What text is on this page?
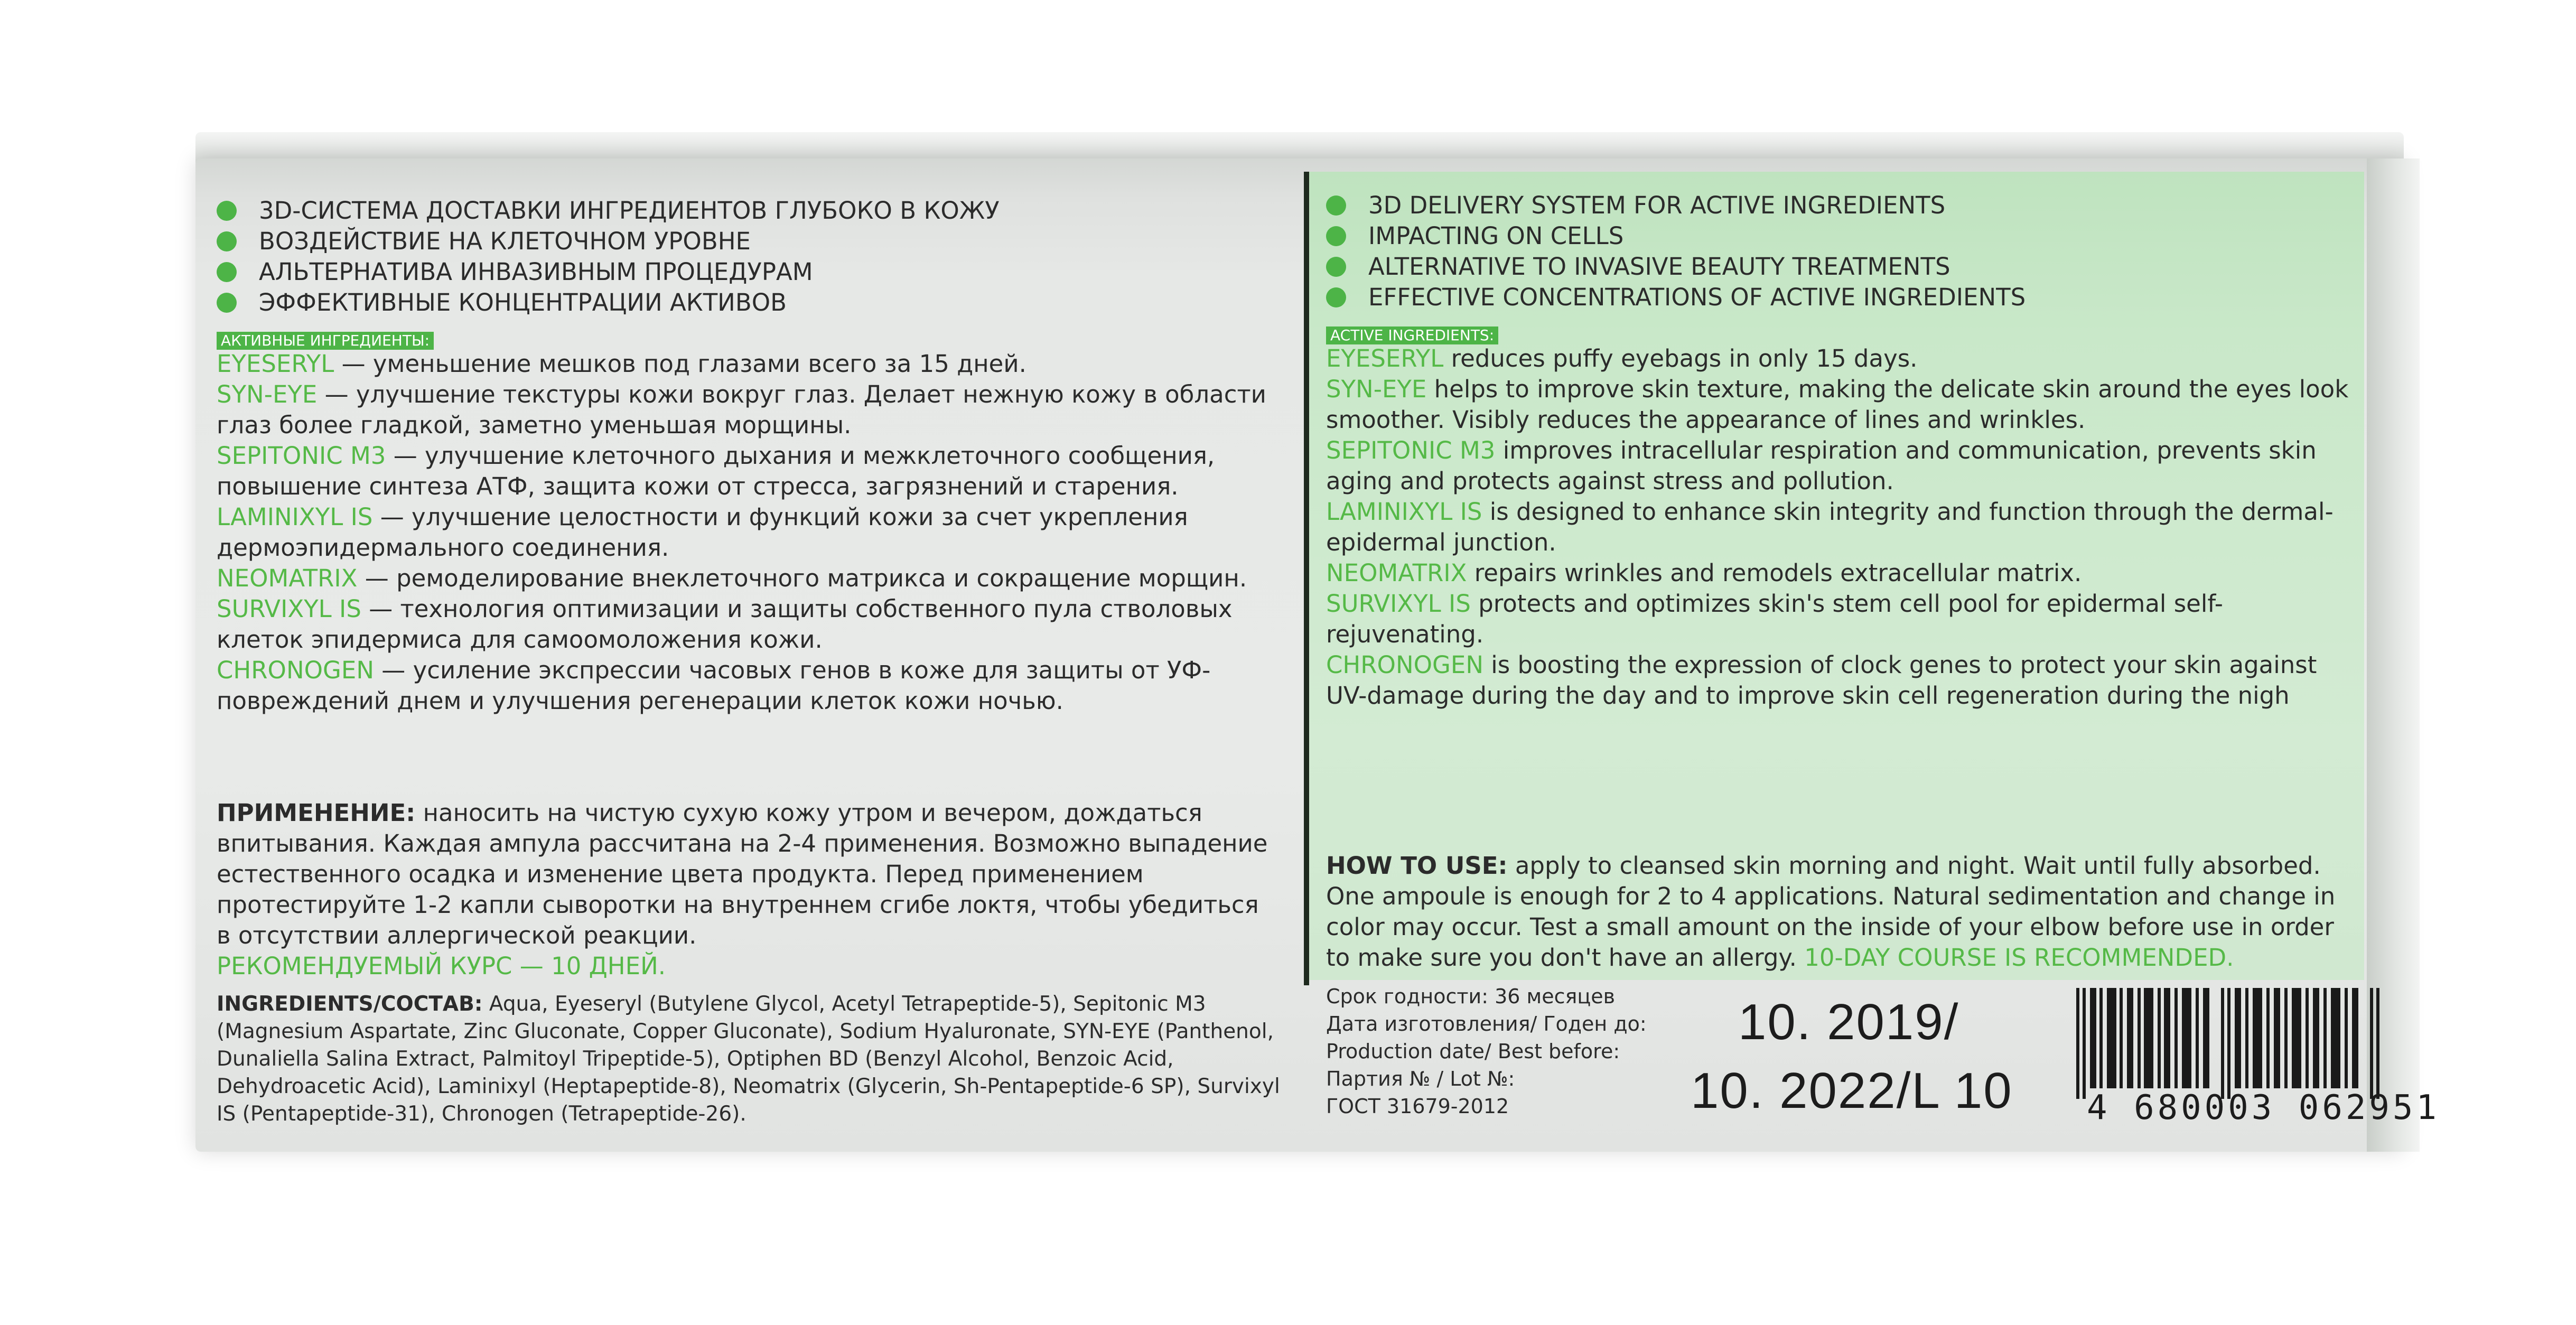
3D-СИСТЕМА ДОСТАВКИ ИНГРЕДИЕНТОВ ГЛУБОКО В КОЖУ

ВОЗДЕЙСТВИЕ НА КЛЕТОЧНОМ УРОВНЕ

АЛЬТЕРНАТИВА ИНВАЗИВНЫМ ПРОЦЕДУРАМ

ЭФФЕКТИВНЫЕ КОНЦЕНТРАЦИИ АКТИВОВ

АКТИВНЫЕ ИНГРЕДИЕНТЫ:

EYESERYL — уменьшение мешков под глазами всего за 15 дней.

SYN-EYE — улучшение текстуры кожи вокруг глаз. Делает нежную кожу в области глаз более гладкой, заметно уменьшая морщины.

SEPITONIC M3 — улучшение клеточного дыхания и межклеточного сообщения, повышение синтеза АТФ, защита кожи от стресса, загрязнений и старения.

LAMINIXYL IS — улучшение целостности и функций кожи за счет укрепления дермоэпидермального соединения.

NEOMATRIX — ремоделирование внеклеточного матрикса и сокращение морщин.

SURVIXYL IS — технология оптимизации и защиты собственного пула стволовых клеток эпидермиса для самоомоложения кожи.

CHRONOGEN — усиление экспрессии часовых генов в коже для защиты от УФ-повреждений днем и улучшения регенерации клеток кожи ночью.

ПРИМЕНЕНИЕ: наносить на чистую сухую кожу утром и вечером, дождаться впитывания. Каждая ампула рассчитана на 2-4 применения. Возможно выпадение естественного осадка и изменение цвета продукта. Перед применением протестируйте 1-2 капли сыворотки на внутреннем сгибе локтя, чтобы убедиться в отсутствии аллергической реакции.
РЕКОМЕНДУЕМЫЙ КУРС — 10 ДНЕЙ.
INGREDIENTS/СОСТАВ: Aqua, Eyeseryl (Butylene Glycol, Acetyl Tetrapeptide-5), Sepitonic M3 (Magnesium Aspartate, Zinc Gluconate, Copper Gluconate), Sodium Hyaluronate, SYN-EYE (Panthenol, Dunaliella Salina Extract, Palmitoyl Tripeptide-5), Optiphen BD (Benzyl Alcohol, Benzoic Acid, Dehydroacetic Acid), Laminixyl (Heptapeptide-8), Neomatrix (Glycerin, Sh-Pentapeptide-6 SP), Survixyl IS (Pentapeptide-31), Chronogen (Tetrapeptide-26).

3D DELIVERY SYSTEM FOR ACTIVE INGREDIENTS

IMPACTING ON CELLS

ALTERNATIVE TO INVASIVE BEAUTY TREATMENTS

EFFECTIVE CONCENTRATIONS OF ACTIVE INGREDIENTS

ACTIVE INGREDIENTS:

EYESERYL reduces puffy eyebags in only 15 days.

SYN-EYE helps to improve skin texture, making the delicate skin around the eyes look smoother. Visibly reduces the appearance of lines and wrinkles.

SEPITONIC M3 improves intracellular respiration and communication, prevents skin aging and protects against stress and pollution.

LAMINIXYL IS is designed to enhance skin integrity and function through the dermal-epidermal junction.

NEOMATRIX repairs wrinkles and remodels extracellular matrix.

SURVIXYL IS protects and optimizes skin's stem cell pool for epidermal self-rejuvenating.

CHRONOGEN is boosting the expression of clock genes to protect your skin against UV-damage during the day and to improve skin cell regeneration during the nigh

HOW TO USE: apply to cleansed skin morning and night. Wait until fully absorbed. One ampoule is enough for 2 to 4 applications. Natural sedimentation and change in color may occur. Test a small amount on the inside of your elbow before use in order to make sure you don't have an allergy. 10-DAY COURSE IS RECOMMENDED.
Срок годности: 36 месяцев
Дата изготовления/ Годен до:
Production date/ Best before:
Партия № / Lot №:
ГОСТ 31679-2012
10. 2019/
10. 2022/L 10 4 680003 062951
